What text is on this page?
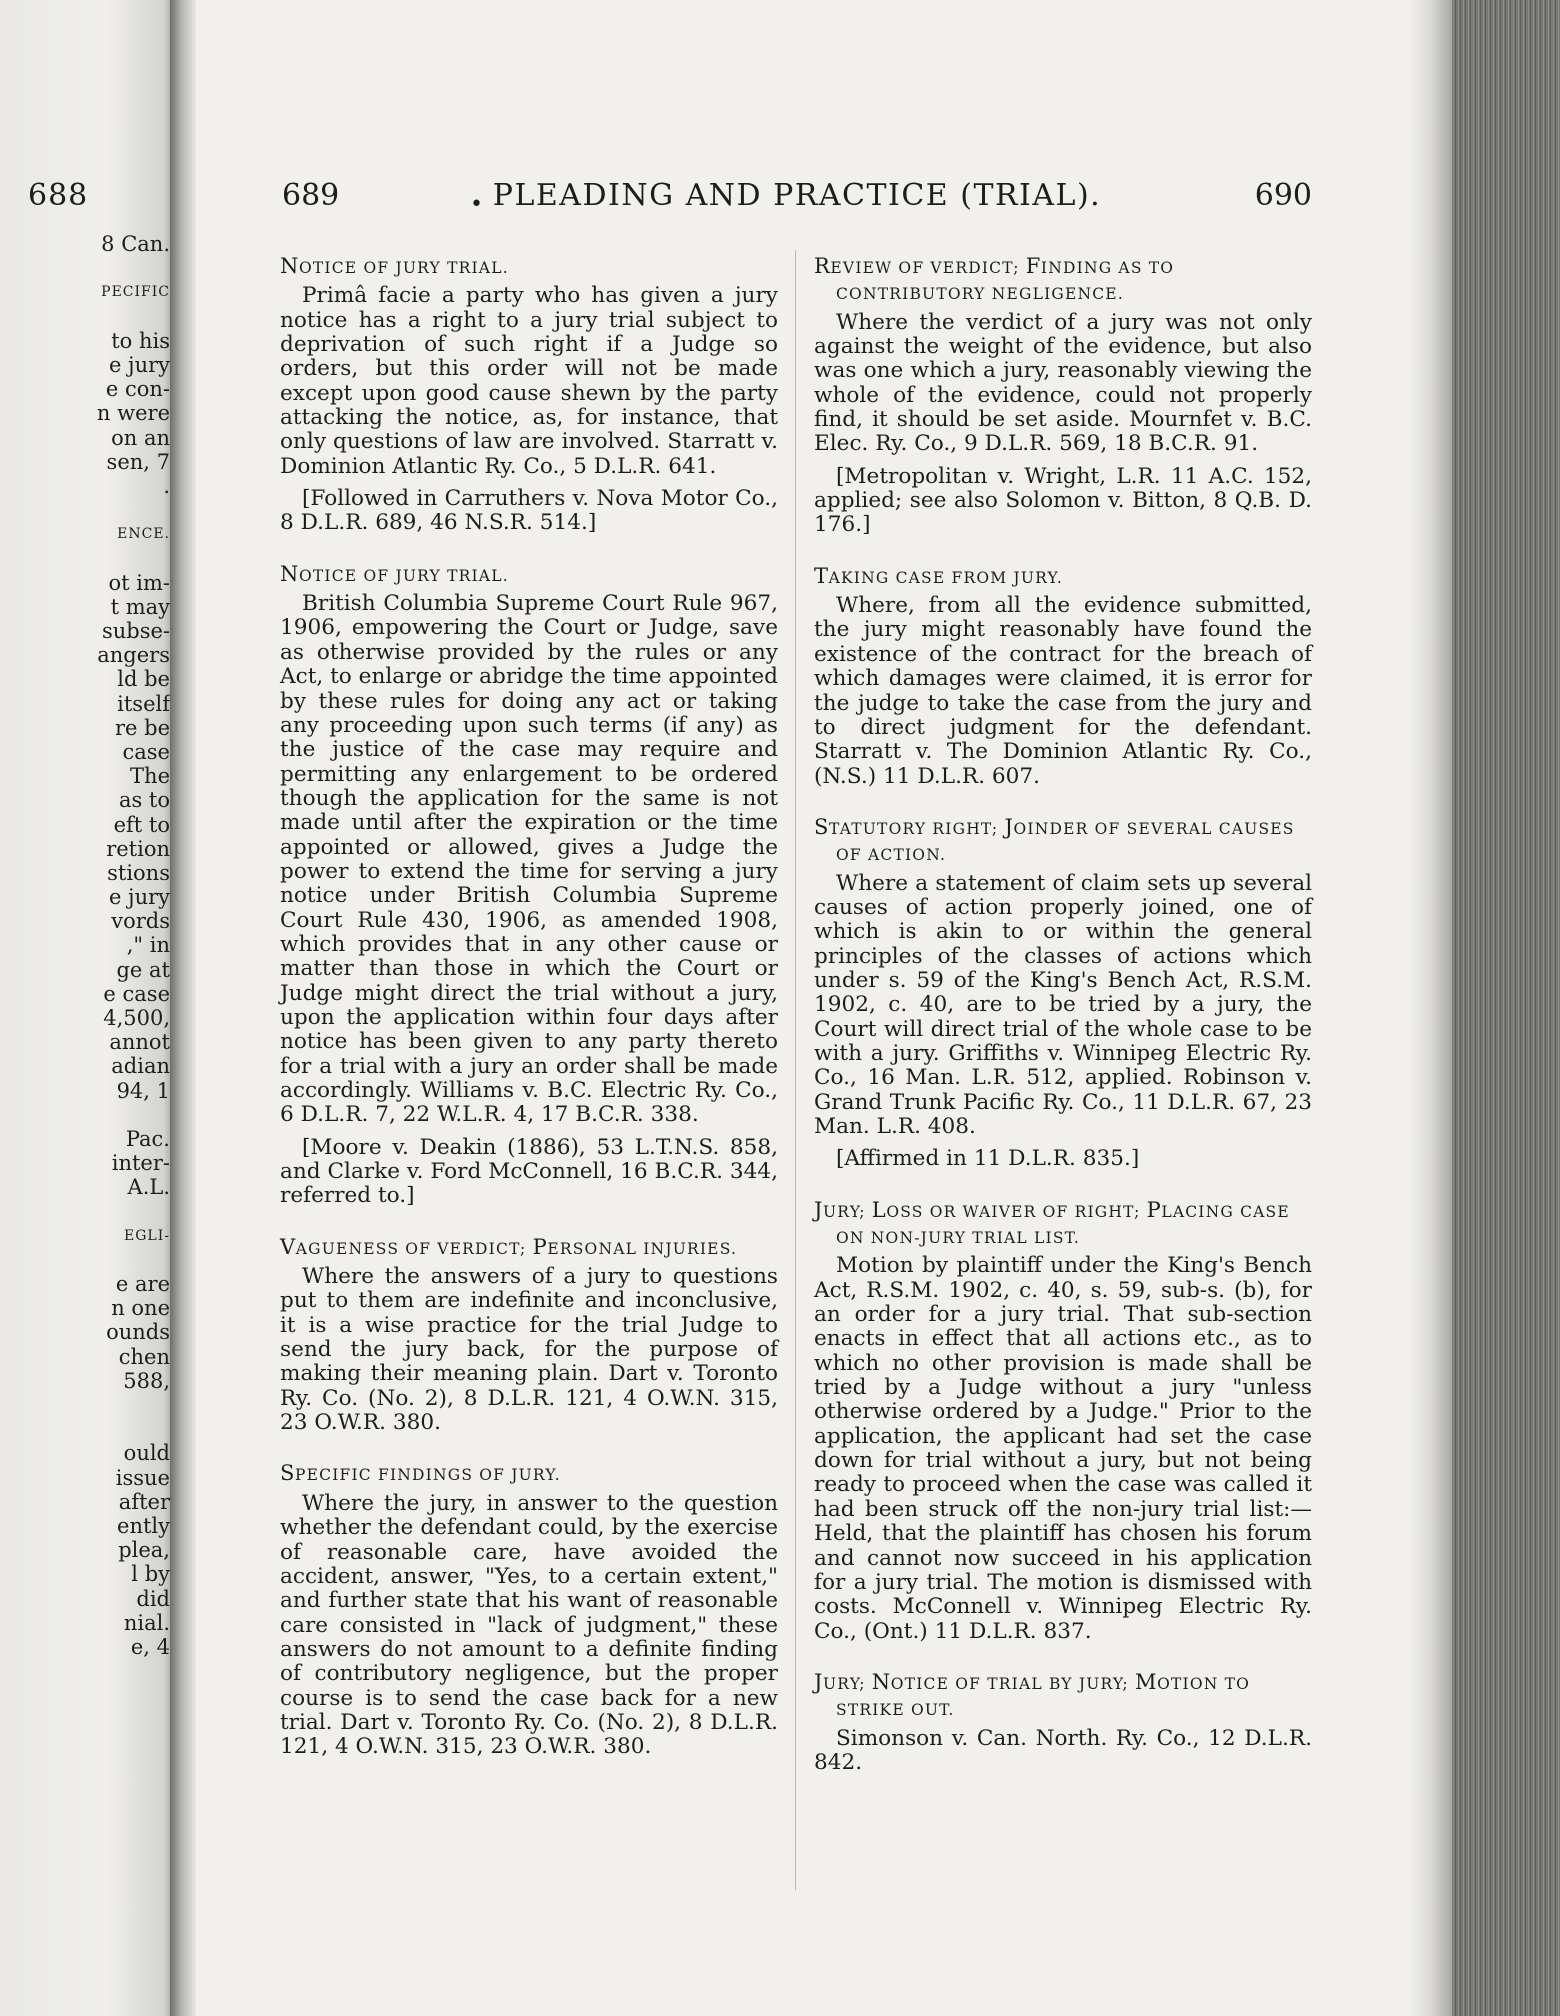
688
8 Can.
PECIFIC
to his
e jury
e con-
n were
on an
sen, 7
.
ENCE.
ot im-
t may
subse-
angers
ld be
itself
re be
case
The
as to
eft to
retion
stions
e jury
vords
," in
ge at
e case
4,500,
annot
adian
94, 1
Pac.
inter-
A.L.
EGLI-
e are
n one
ounds
chen
588,
ould
issue
after
ently
plea,
l by
did
nial.
e, 4
689	• PLEADING AND PRACTICE (TRIAL).	690
NOTICE OF JURY TRIAL.

Primâ facie a party who has given a jury notice has a right to a jury trial subject to deprivation of such right if a Judge so orders, but this order will not be made except upon good cause shewn by the party attacking the notice, as, for instance, that only questions of law are involved. Starratt v. Dominion Atlantic Ry. Co., 5 D.L.R. 641.

[Followed in Carruthers v. Nova Motor Co., 8 D.L.R. 689, 46 N.S.R. 514.]

NOTICE OF JURY TRIAL.

British Columbia Supreme Court Rule 967, 1906, empowering the Court or Judge, save as otherwise provided by the rules or any Act, to enlarge or abridge the time appointed by these rules for doing any act or taking any proceeding upon such terms (if any) as the justice of the case may require and permitting any enlargement to be ordered though the application for the same is not made until after the expiration or the time appointed or allowed, gives a Judge the power to extend the time for serving a jury notice under British Columbia Supreme Court Rule 430, 1906, as amended 1908, which provides that in any other cause or matter than those in which the Court or Judge might direct the trial without a jury, upon the application within four days after notice has been given to any party thereto for a trial with a jury an order shall be made accordingly. Williams v. B.C. Electric Ry. Co., 6 D.L.R. 7, 22 W.L.R. 4, 17 B.C.R. 338.

[Moore v. Deakin (1886), 53 L.T.N.S. 858, and Clarke v. Ford McConnell, 16 B.C.R. 344, referred to.]

VAGUENESS OF VERDICT; PERSONAL INJURIES.

Where the answers of a jury to questions put to them are indefinite and inconclusive, it is a wise practice for the trial Judge to send the jury back, for the purpose of making their meaning plain. Dart v. Toronto Ry. Co. (No. 2), 8 D.L.R. 121, 4 O.W.N. 315, 23 O.W.R. 380.

SPECIFIC FINDINGS OF JURY.

Where the jury, in answer to the question whether the defendant could, by the exercise of reasonable care, have avoided the accident, answer, "Yes, to a certain extent," and further state that his want of reasonable care consisted in "lack of judgment," these answers do not amount to a definite finding of contributory negligence, but the proper course is to send the case back for a new trial. Dart v. Toronto Ry. Co. (No. 2), 8 D.L.R. 121, 4 O.W.N. 315, 23 O.W.R. 380.

REVIEW OF VERDICT; FINDING AS TO CONTRIBUTORY NEGLIGENCE.

Where the verdict of a jury was not only against the weight of the evidence, but also was one which a jury, reasonably viewing the whole of the evidence, could not properly find, it should be set aside. Mournfet v. B.C. Elec. Ry. Co., 9 D.L.R. 569, 18 B.C.R. 91.

[Metropolitan v. Wright, L.R. 11 A.C. 152, applied; see also Solomon v. Bitton, 8 Q.B. D. 176.]

TAKING CASE FROM JURY.

Where, from all the evidence submitted, the jury might reasonably have found the existence of the contract for the breach of which damages were claimed, it is error for the judge to take the case from the jury and to direct judgment for the defendant. Starratt v. The Dominion Atlantic Ry. Co., (N.S.) 11 D.L.R. 607.

STATUTORY RIGHT; JOINDER OF SEVERAL CAUSES OF ACTION.

Where a statement of claim sets up several causes of action properly joined, one of which is akin to or within the general principles of the classes of actions which under s. 59 of the King's Bench Act, R.S.M. 1902, c. 40, are to be tried by a jury, the Court will direct trial of the whole case to be with a jury. Griffiths v. Winnipeg Electric Ry. Co., 16 Man. L.R. 512, applied. Robinson v. Grand Trunk Pacific Ry. Co., 11 D.L.R. 67, 23 Man. L.R. 408.

[Affirmed in 11 D.L.R. 835.]

JURY; LOSS OR WAIVER OF RIGHT; PLACING CASE ON NON-JURY TRIAL LIST.

Motion by plaintiff under the King's Bench Act, R.S.M. 1902, c. 40, s. 59, sub-s. (b), for an order for a jury trial. That sub-section enacts in effect that all actions etc., as to which no other provision is made shall be tried by a Judge without a jury "unless otherwise ordered by a Judge." Prior to the application, the applicant had set the case down for trial without a jury, but not being ready to proceed when the case was called it had been struck off the non-jury trial list:—Held, that the plaintiff has chosen his forum and cannot now succeed in his application for a jury trial. The motion is dismissed with costs. McConnell v. Winnipeg Electric Ry. Co., (Ont.) 11 D.L.R. 837.

JURY; NOTICE OF TRIAL BY JURY; MOTION TO STRIKE OUT.

Simonson v. Can. North. Ry. Co., 12 D.L.R. 842.
